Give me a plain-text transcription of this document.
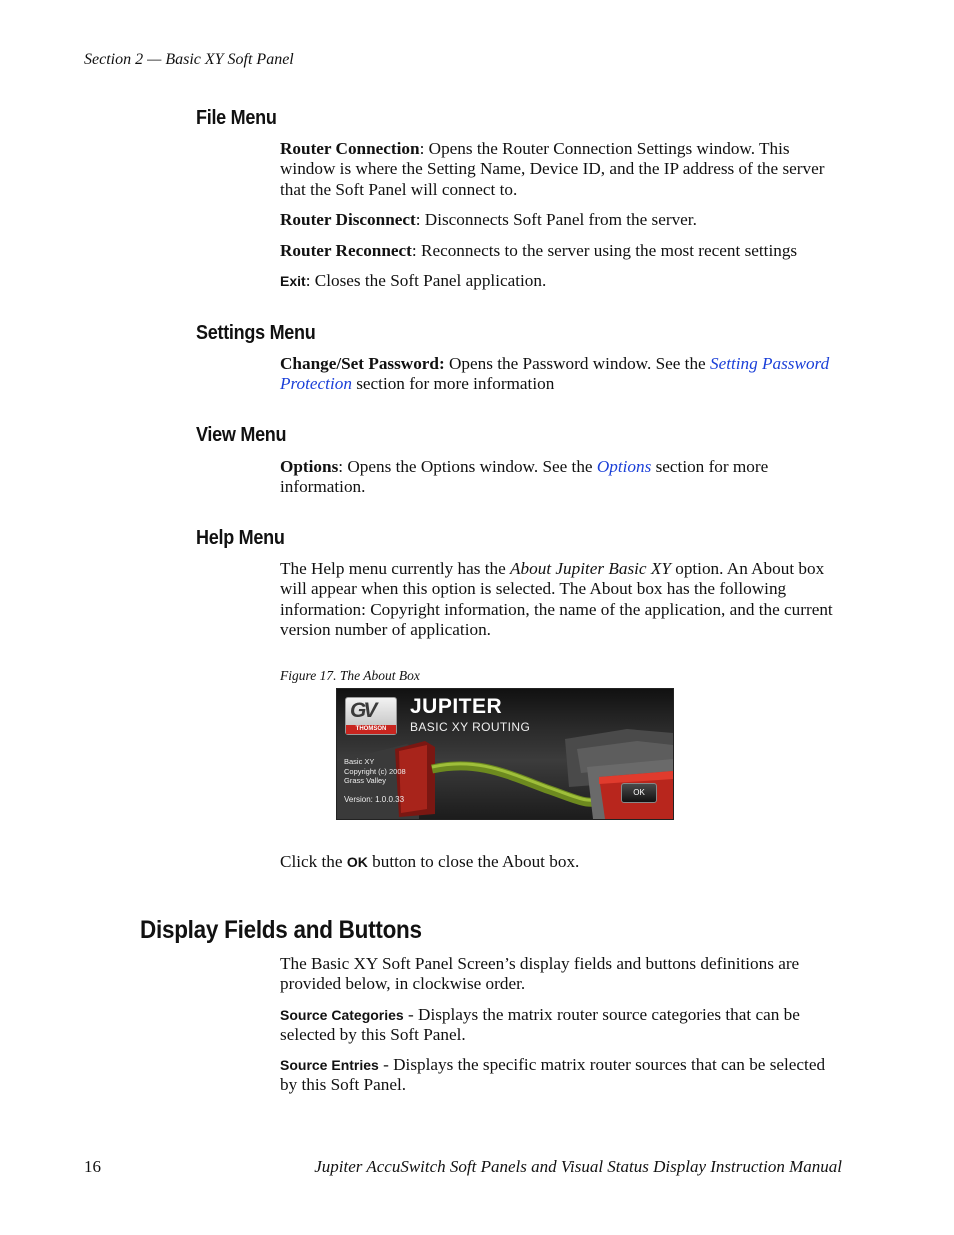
Section 2 — Basic XY Soft Panel
File Menu
Router Connection: Opens the Router Connection Settings window. This window is where the Setting Name, Device ID, and the IP address of the server that the Soft Panel will connect to.
Router Disconnect: Disconnects Soft Panel from the server.
Router Reconnect: Reconnects to the server using the most recent settings
Exit: Closes the Soft Panel application.
Settings Menu
Change/Set Password: Opens the Password window. See the Setting Password Protection section for more information
View Menu
Options: Opens the Options window. See the Options section for more information.
Help Menu
The Help menu currently has the About Jupiter Basic XY option. An About box will appear when this option is selected. The About box has the following information: Copyright information, the name of the application, and the current version number of application.
Figure 17. The About Box
GV
THOMSON
JUPITER
BASIC XY ROUTING
Basic XY
Copyright (c) 2008
Grass Valley
Version: 1.0.0.33
OK
Click the OK button to close the About box.
Display Fields and Buttons
The Basic XY Soft Panel Screen’s display fields and buttons definitions are provided below, in clockwise order.
Source Categories - Displays the matrix router source categories that can be selected by this Soft Panel.
Source Entries - Displays the specific matrix router sources that can be selected by this Soft Panel.
16	Jupiter AccuSwitch Soft Panels and Visual Status Display Instruction Manual
